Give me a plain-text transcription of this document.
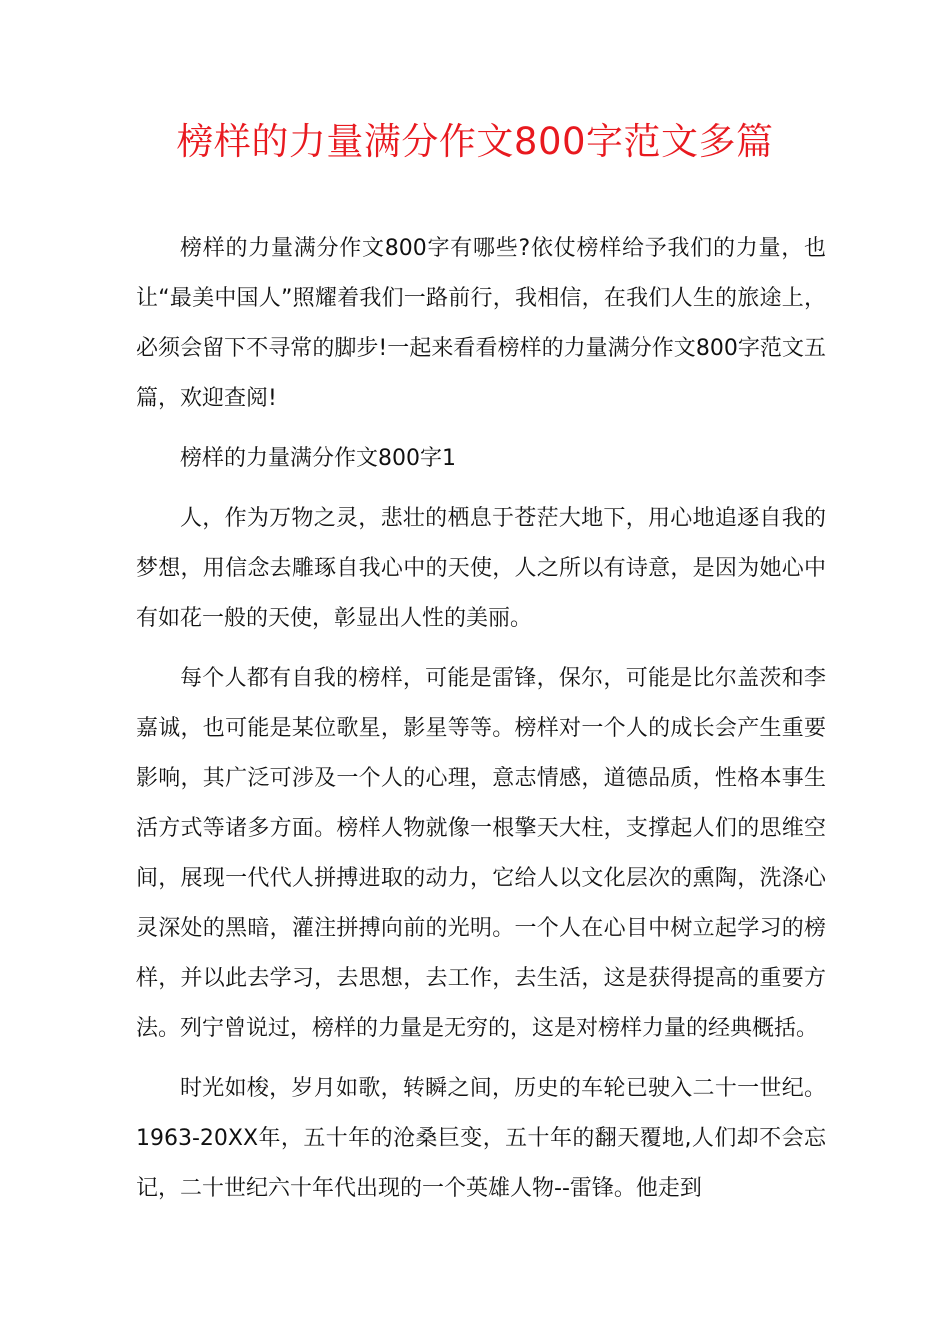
榜样的力量满分作文800字范文多篇

榜样的力量满分作文800字有哪些?依仗榜样给予我们的力量，也让“最美中国人”照耀着我们一路前行，我相信，在我们人生的旅途上，必须会留下不寻常的脚步!一起来看看榜样的力量满分作文800字范文五篇，欢迎查阅!

榜样的力量满分作文800字1

人，作为万物之灵，悲壮的栖息于苍茫大地下，用心地追逐自我的梦想，用信念去雕琢自我心中的天使，人之所以有诗意，是因为她心中有如花一般的天使，彰显出人性的美丽。

每个人都有自我的榜样，可能是雷锋，保尔，可能是比尔盖茨和李嘉诚，也可能是某位歌星，影星等等。榜样对一个人的成长会产生重要影响，其广泛可涉及一个人的心理，意志情感，道德品质，性格本事生活方式等诸多方面。榜样人物就像一根擎天大柱，支撑起人们的思维空间，展现一代代人拼搏进取的动力，它给人以文化层次的熏陶，洗涤心灵深处的黑暗，灌注拼搏向前的光明。一个人在心目中树立起学习的榜样，并以此去学习，去思想，去工作，去生活，这是获得提高的重要方法。列宁曾说过，榜样的力量是无穷的，这是对榜样力量的经典概括。

时光如梭，岁月如歌，转瞬之间，历史的车轮已驶入二十一世纪。1963-20XX年，五十年的沧桑巨变，五十年的翻天覆地,人们却不会忘记，二十世纪六十年代出现的一个英雄人物--雷锋。他走到
